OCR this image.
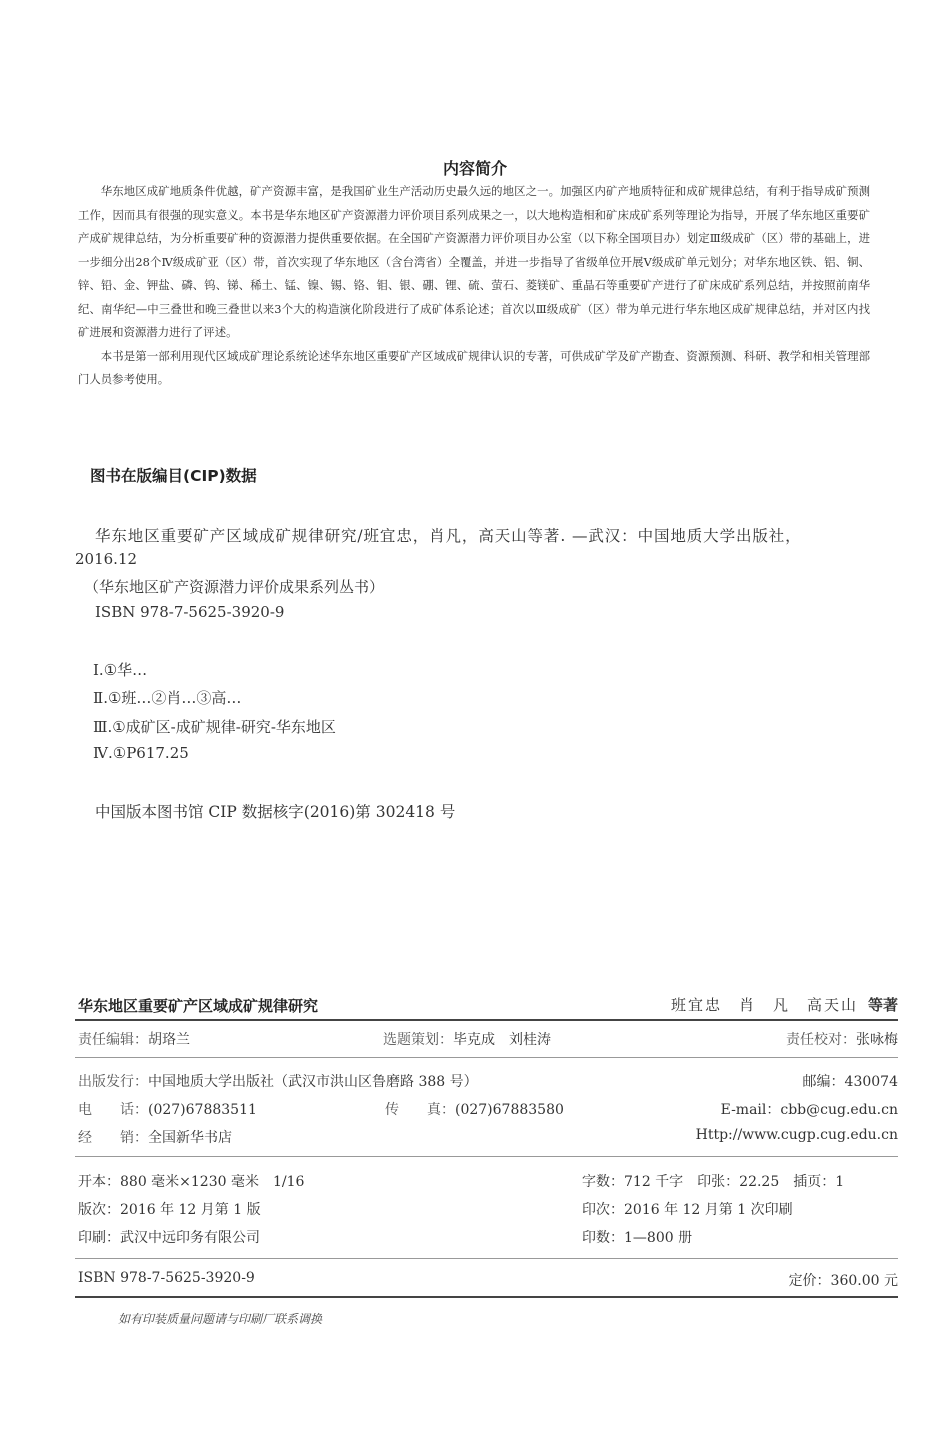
内容简介

华东地区成矿地质条件优越，矿产资源丰富，是我国矿业生产活动历史最久远的地区之一。加强区内矿产地质特征和成矿规律总结，有利于指导成矿预测工作，因而具有很强的现实意义。本书是华东地区矿产资源潜力评价项目系列成果之一，以大地构造相和矿床成矿系列等理论为指导，开展了华东地区重要矿产成矿规律总结，为分析重要矿种的资源潜力提供重要依据。在全国矿产资源潜力评价项目办公室（以下称全国项目办）划定Ⅲ级成矿（区）带的基础上，进一步细分出28个Ⅳ级成矿亚（区）带，首次实现了华东地区（含台湾省）全覆盖，并进一步指导了省级单位开展Ⅴ级成矿单元划分；对华东地区铁、铝、铜、锌、铅、金、钾盐、磷、钨、锑、稀土、锰、镍、锡、铬、钼、银、硼、锂、硫、萤石、菱镁矿、重晶石等重要矿产进行了矿床成矿系列总结，并按照前南华纪、南华纪—中三叠世和晚三叠世以来3个大的构造演化阶段进行了成矿体系论述；首次以Ⅲ级成矿（区）带为单元进行华东地区成矿规律总结，并对区内找矿进展和资源潜力进行了评述。

本书是第一部利用现代区域成矿理论系统论述华东地区重要矿产区域成矿规律认识的专著，可供成矿学及矿产勘查、资源预测、科研、教学和相关管理部门人员参考使用。

图书在版编目(CIP)数据
华东地区重要矿产区域成矿规律研究/班宜忠，肖凡，高天山等著. —武汉：中国地质大学出版社，
2016.12
（华东地区矿产资源潜力评价成果系列丛书）
ISBN 978-7-5625-3920-9
Ⅰ.①华…
Ⅱ.①班…②肖…③高…
Ⅲ.①成矿区-成矿规律-研究-华东地区
Ⅳ.①P617.25
中国版本图书馆 CIP 数据核字(2016)第 302418 号
华东地区重要矿产区域成矿规律研究	班宜忠　肖　凡　高天山 等著
责任编辑：胡珞兰	选题策划：毕克成　刘桂涛	责任校对：张咏梅
出版发行：中国地质大学出版社（武汉市洪山区鲁磨路 388 号）	邮编：430074
电　　话：(027)67883511	传　　真：(027)67883580	E-mail：cbb@cug.edu.cn
经　　销：全国新华书店	Http://www.cugp.cug.edu.cn
开本：880 毫米×1230 毫米　1/16	字数：712 千字　印张：22.25　插页：1
版次：2016 年 12 月第 1 版	印次：2016 年 12 月第 1 次印刷
印刷：武汉中远印务有限公司	印数：1—800 册
ISBN 978-7-5625-3920-9	定价：360.00 元
如有印装质量问题请与印刷厂联系调换
